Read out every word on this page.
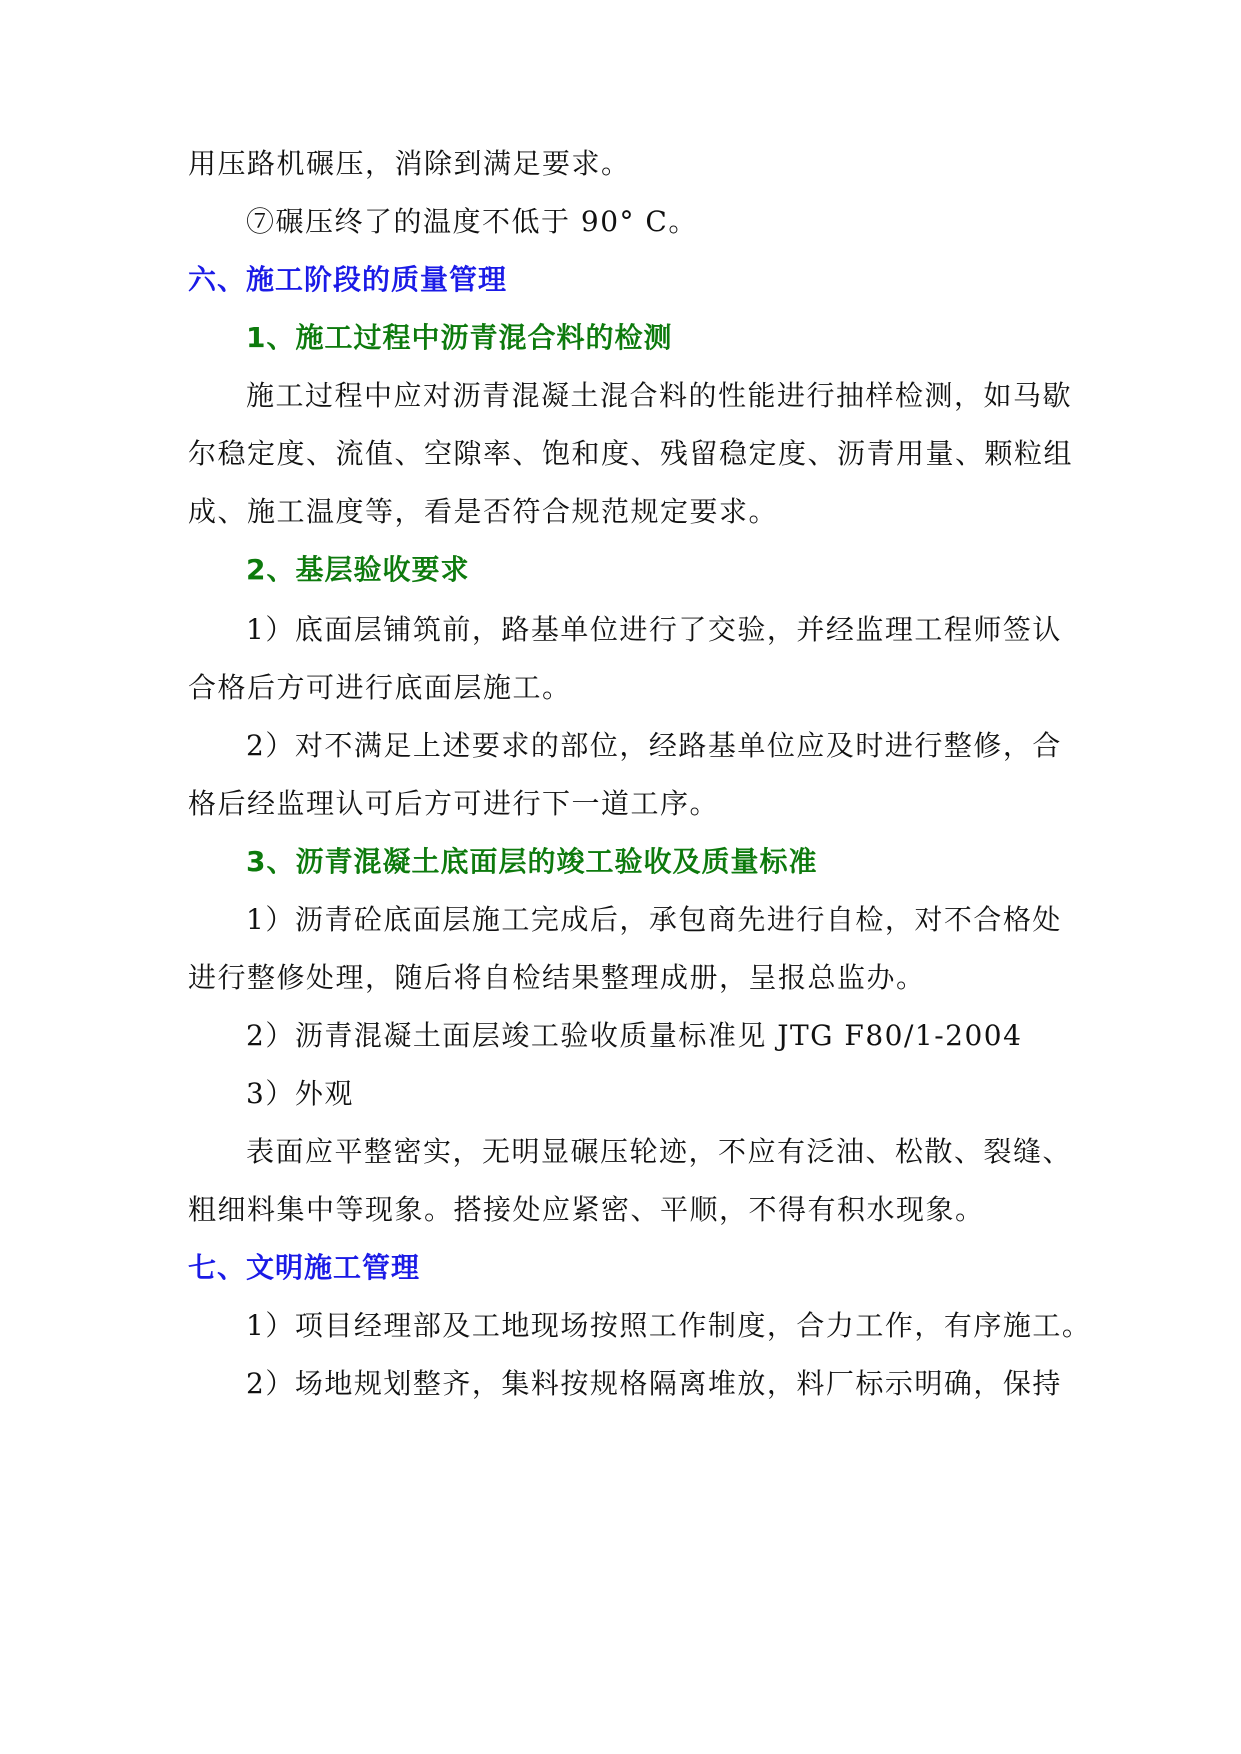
用压路机碾压，消除到满足要求。
⑦碾压终了的温度不低于 90° C。
六、施工阶段的质量管理
1、施工过程中沥青混合料的检测
施工过程中应对沥青混凝土混合料的性能进行抽样检测，如马歇
尔稳定度、流值、空隙率、饱和度、残留稳定度、沥青用量、颗粒组
成、施工温度等，看是否符合规范规定要求。
2、基层验收要求
1）底面层铺筑前，路基单位进行了交验，并经监理工程师签认
合格后方可进行底面层施工。
2）对不满足上述要求的部位，经路基单位应及时进行整修，合
格后经监理认可后方可进行下一道工序。
3、沥青混凝土底面层的竣工验收及质量标准
1）沥青砼底面层施工完成后，承包商先进行自检，对不合格处
进行整修处理，随后将自检结果整理成册，呈报总监办。
2）沥青混凝土面层竣工验收质量标准见 JTG F80/1-2004
3）外观
表面应平整密实，无明显碾压轮迹，不应有泛油、松散、裂缝、
粗细料集中等现象。搭接处应紧密、平顺，不得有积水现象。
七、文明施工管理
1）项目经理部及工地现场按照工作制度，合力工作，有序施工。
2）场地规划整齐，集料按规格隔离堆放，料厂标示明确，保持
